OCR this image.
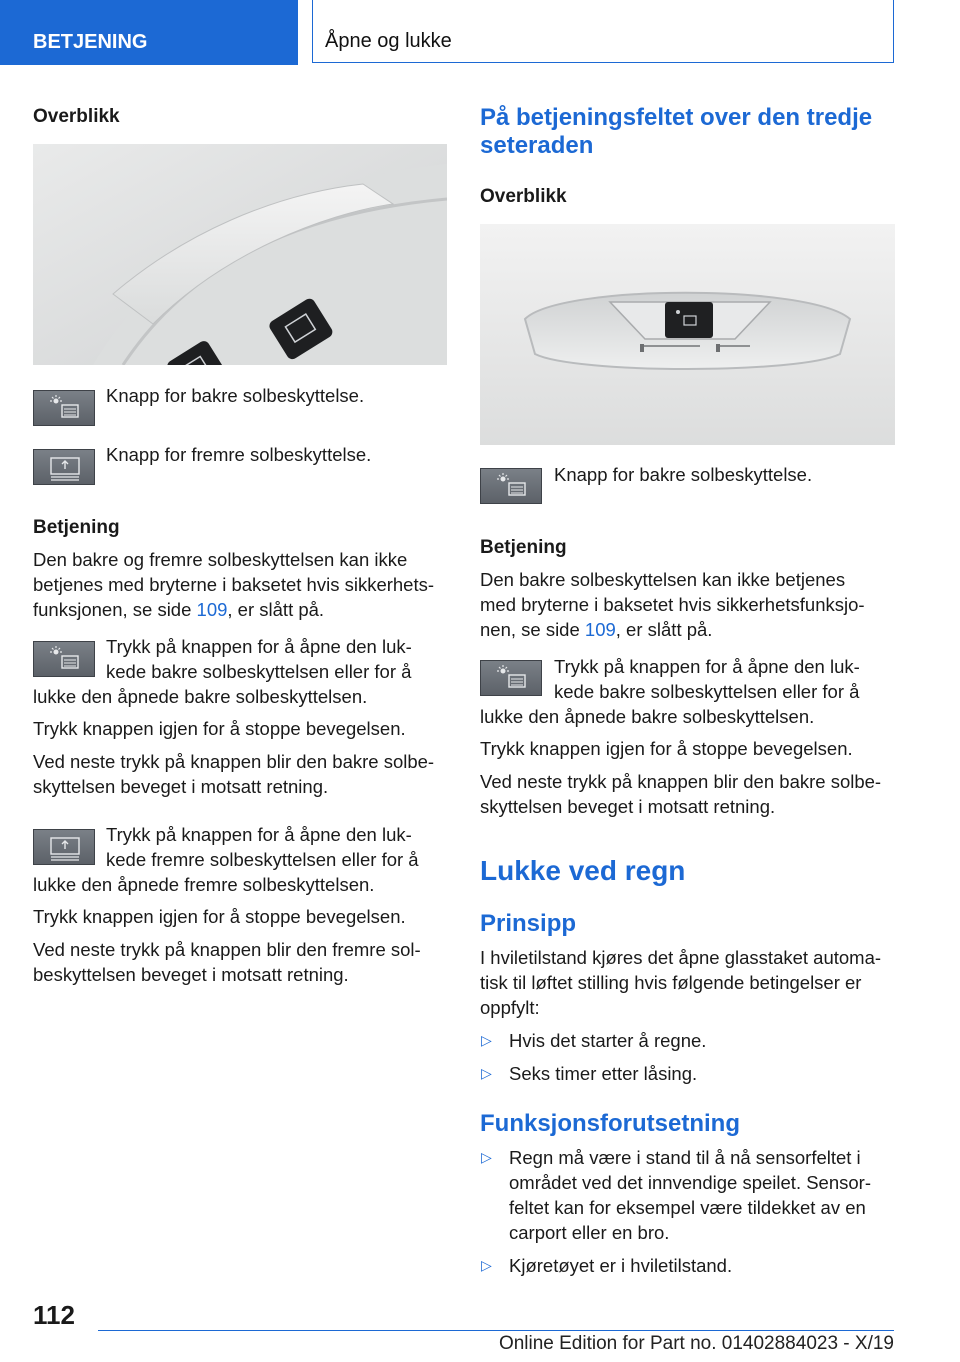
BETJENING	Åpne og lukke
Overblikk
Knapp for bakre solbeskyttelse.
Knapp for fremre solbeskyttelse.
Betjening
Den bakre og fremre solbeskyttelsen kan ikke
betjenes med bryterne i baksetet hvis sikkerhets-
funksjonen, se side 109, er slått på.
Trykk på knappen for å åpne den luk-
kede bakre solbeskyttelsen eller for å
lukke den åpnede bakre solbeskyttelsen.
Trykk knappen igjen for å stoppe bevegelsen.
Ved neste trykk på knappen blir den bakre solbe-
skyttelsen beveget i motsatt retning.
Trykk på knappen for å åpne den luk-
kede fremre solbeskyttelsen eller for å
lukke den åpnede fremre solbeskyttelsen.
Trykk knappen igjen for å stoppe bevegelsen.
Ved neste trykk på knappen blir den fremre sol-
beskyttelsen beveget i motsatt retning.
På betjeningsfeltet over den tredje
seteraden
Overblikk
Knapp for bakre solbeskyttelse.
Betjening
Den bakre solbeskyttelsen kan ikke betjenes
med bryterne i baksetet hvis sikkerhetsfunksjo-
nen, se side 109, er slått på.
Trykk på knappen for å åpne den luk-
kede bakre solbeskyttelsen eller for å
lukke den åpnede bakre solbeskyttelsen.
Trykk knappen igjen for å stoppe bevegelsen.
Ved neste trykk på knappen blir den bakre solbe-
skyttelsen beveget i motsatt retning.
Lukke ved regn
Prinsipp
I hviletilstand kjøres det åpne glasstaket automa-
tisk til løftet stilling hvis følgende betingelser er
oppfylt:
▷ Hvis det starter å regne.
▷ Seks timer etter låsing.
Funksjonsforutsetning
▷ Regn må være i stand til å nå sensorfeltet i
området ved det innvendige speilet. Sensor-
feltet kan for eksempel være tildekket av en
carport eller en bro.
▷ Kjøretøyet er i hviletilstand.
112
Online Edition for Part no. 01402884023 - X/19
